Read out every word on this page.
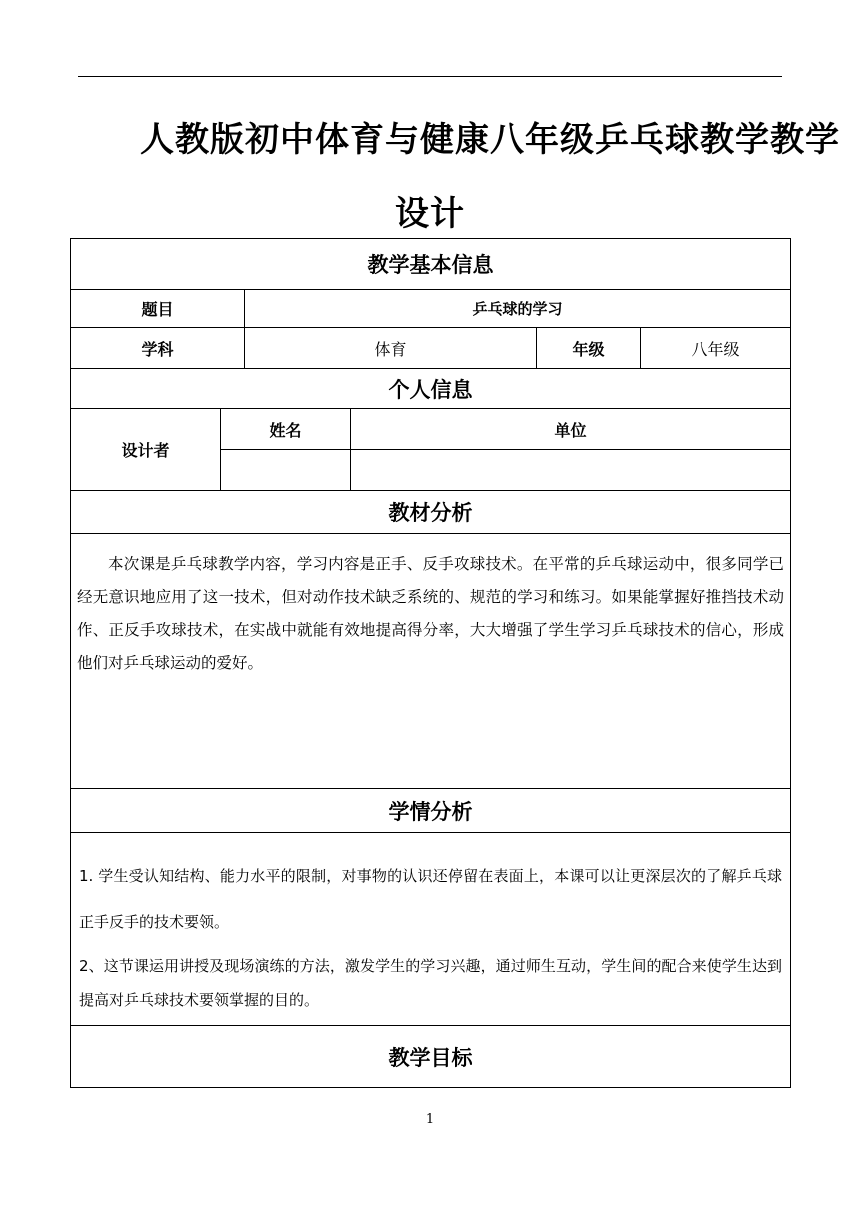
人教版初中体育与健康八年级乒乓球教学教学
设计
教学基本信息					
题目		乒乓球的学习			
学科		体育		年级	八年级
个人信息					
设计者	姓名		单位		

教材分析					
本次课是乒乓球教学内容，学习内容是正手、反手攻球技术。在平常的乒乓球运动中，很多同学已经无意识地应用了这一技术，但对动作技术缺乏系统的、规范的学习和练习。如果能掌握好推挡技术动作、正反手攻球技术，在实战中就能有效地提高得分率，大大增强了学生学习乒乓球技术的信心，形成他们对乒乓球运动的爱好。					
学情分析					

1. 学生受认知结构、能力水平的限制，对事物的认识还停留在表面上，本课可以让更深层次的了解乒乓球正手反手的技术要领。

2、这节课运用讲授及现场演练的方法，激发学生的学习兴趣，通过师生互动，学生间的配合来使学生达到提高对乒乓球技术要领掌握的目的。					

教学目标					
1
